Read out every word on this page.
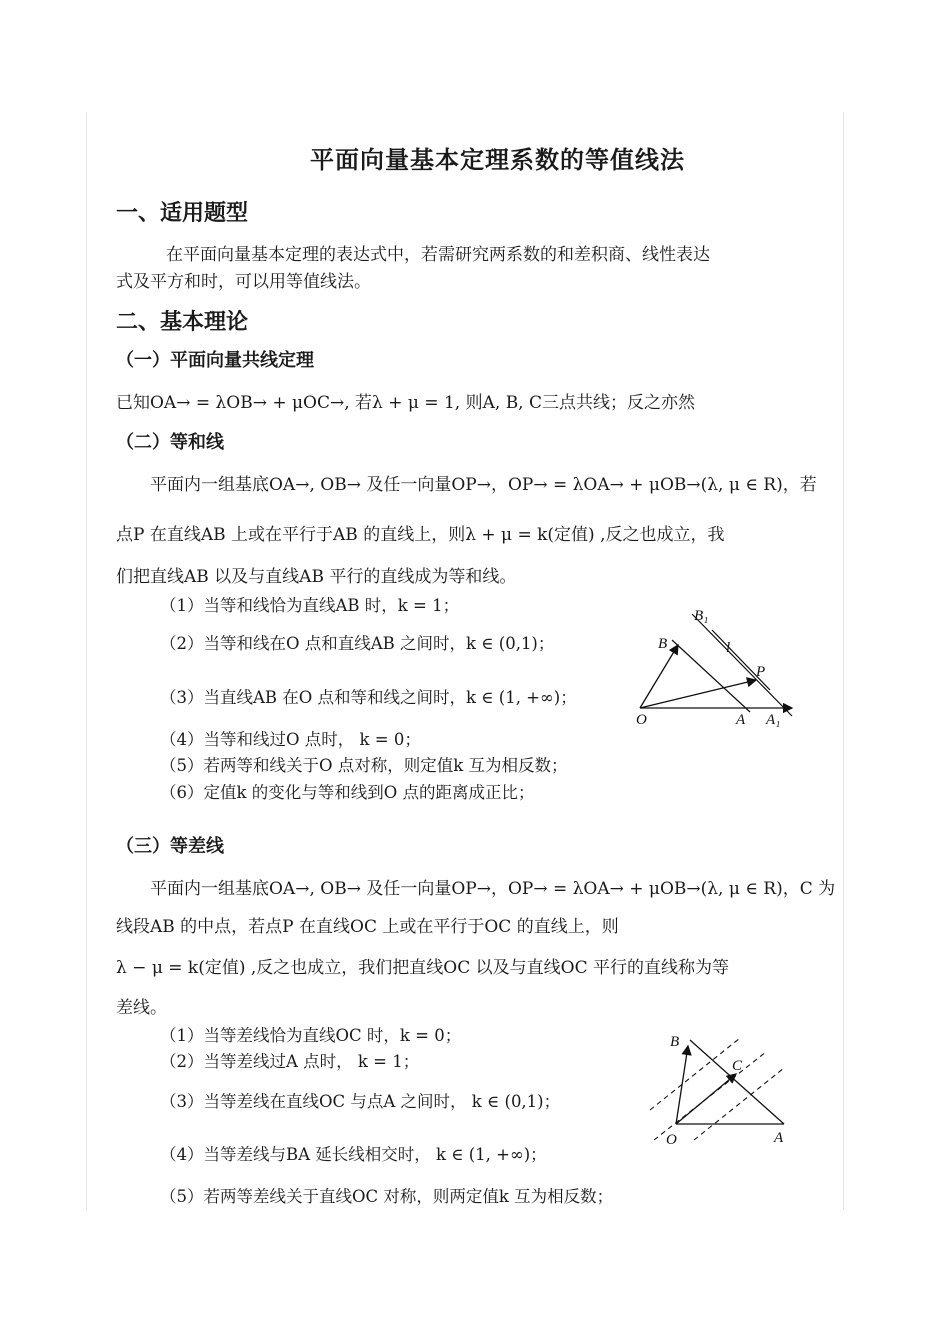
平面向量基本定理系数的等值线法
一、适用题型
在平面向量基本定理的表达式中，若需研究两系数的和差积商、线性表达
式及平方和时，可以用等值线法。
二、基本理论
（一）平面向量共线定理
已知OA→ = λOB→ + μOC→, 若λ + μ = 1, 则A, B, C三点共线；反之亦然
（二）等和线
平面内一组基底OA→, OB→ 及任一向量OP→，OP→ = λOA→ + μOB→(λ, μ ∈ R)，若
点P 在直线AB 上或在平行于AB 的直线上，则λ + μ = k(定值) ,反之也成立，我
们把直线AB 以及与直线AB 平行的直线成为等和线。
（1）当等和线恰为直线AB 时，k = 1；
（2）当等和线在O 点和直线AB 之间时，k ∈ (0,1)；
（3）当直线AB 在O 点和等和线之间时，k ∈ (1, +∞)；
（4）当等和线过O 点时， k = 0；
（5）若两等和线关于O 点对称，则定值k 互为相反数；
（6）定值k 的变化与等和线到O 点的距离成正比；
B₁
B	l
P
O	A A₁
（三）等差线
平面内一组基底OA→, OB→ 及任一向量OP→，OP→ = λOA→ + μOB→(λ, μ ∈ R)，C 为
线段AB 的中点，若点P 在直线OC 上或在平行于OC 的直线上，则
λ − μ = k(定值) ,反之也成立，我们把直线OC 以及与直线OC 平行的直线称为等
差线。
（1）当等差线恰为直线OC 时，k = 0；
（2）当等差线过A 点时， k = 1；
（3）当等差线在直线OC 与点A 之间时， k ∈ (0,1)；
（4）当等差线与BA 延长线相交时， k ∈ (1, +∞)；
（5）若两等差线关于直线OC 对称，则两定值k 互为相反数；
B
C
O	A
